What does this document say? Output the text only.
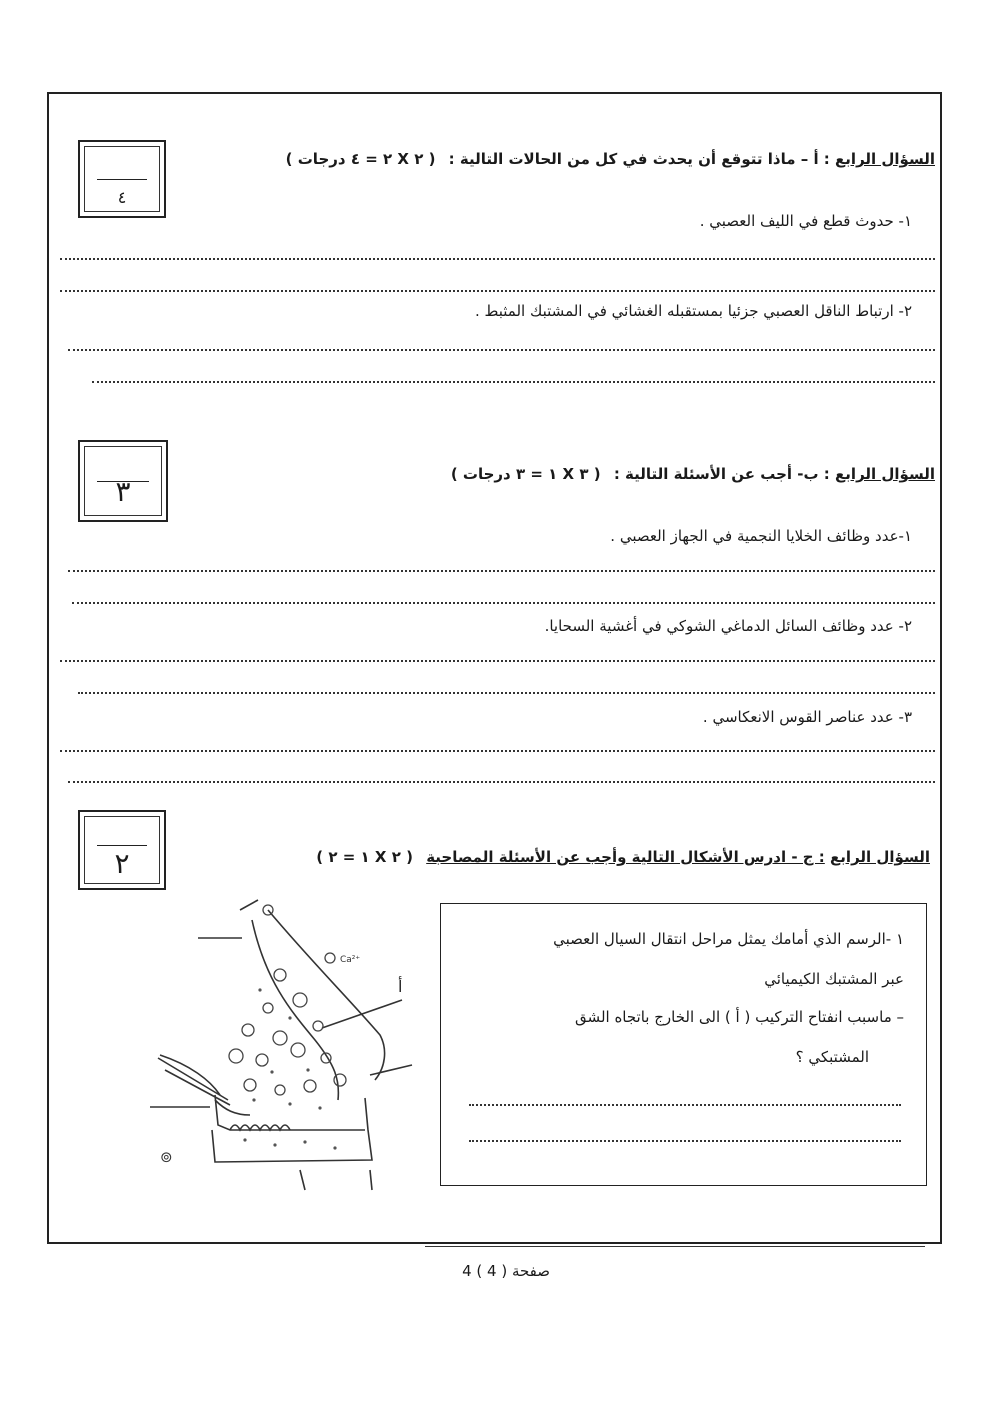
٤
السؤال الرابع : أ – ماذا تتوقع أن يحدث في كل من الحالات التالية : ( ٢ X ٢ = ٤ درجات )
١- حدوث قطع في الليف العصبي .
٢- ارتباط الناقل العصبي جزئيا بمستقبله الغشائي في المشتبك المثبط .
٣
السؤال الرابع : ب- أجب عن الأسئلة التالية : ( ٣ X ١ = ٣ درجات )
١-عدد وظائف الخلايا النجمية في الجهاز العصبي .
٢- عدد وظائف السائل الدماغي الشوكي في أغشية السحايا.
٣- عدد عناصر القوس الانعكاسي .
٢	السؤال الرابع : ج - ادرس الأشكال التالية وأجب عن الأسئلة المصاحبة ( ٢ X ١ = ٢ )
١ -الرسم الذي أمامك يمثل مراحل انتقال السيال العصبي
عبر المشتبك الكيميائي
– ماسبب انفتاح التركيب ( أ ) الى الخارج باتجاه الشق
المشتبكي ؟
أ
Ca²⁺
⊚
صفحة ( 4 ) 4
